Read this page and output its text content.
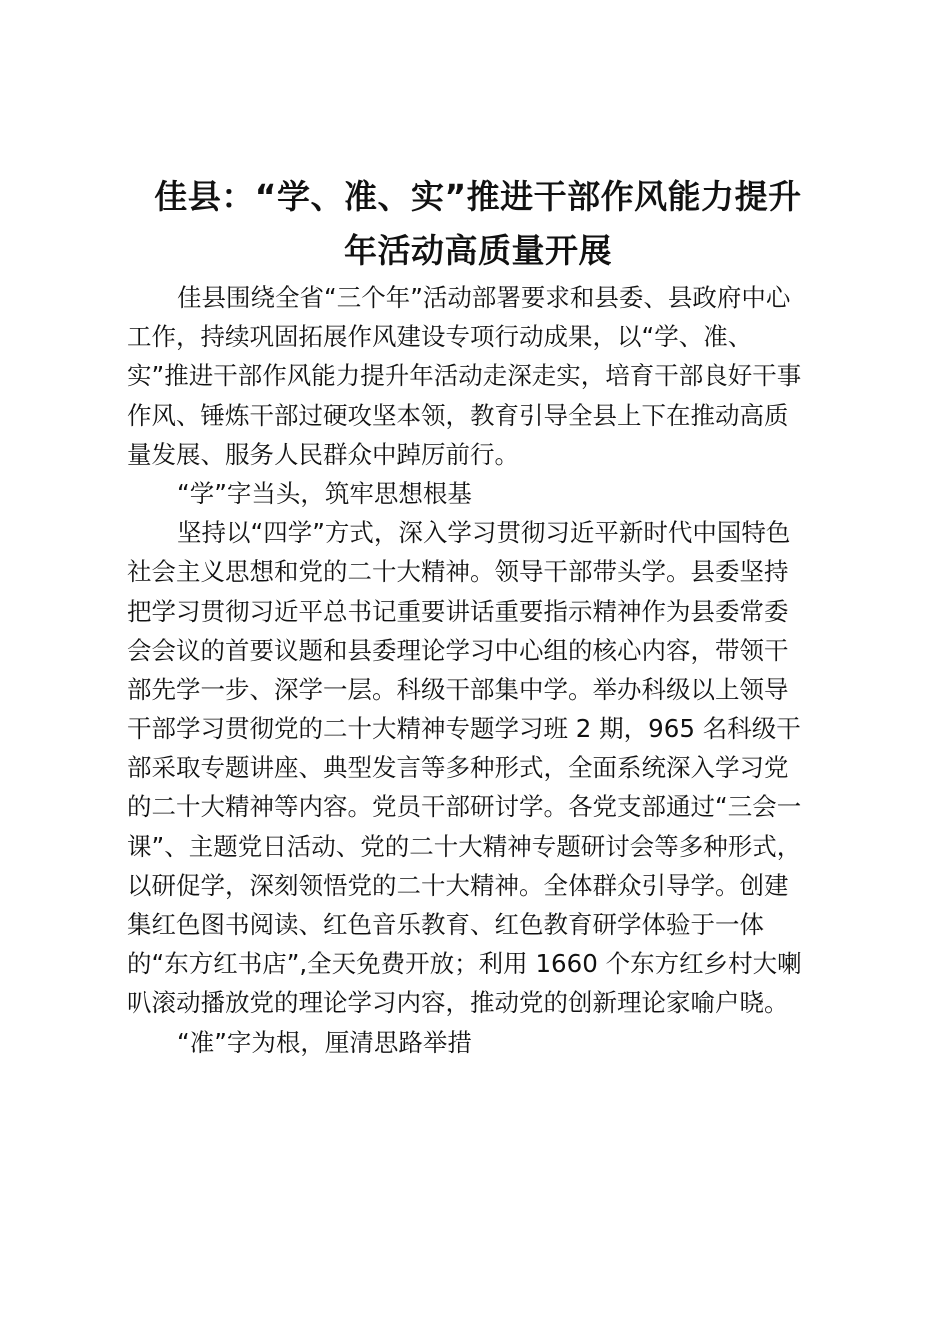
佳县：“学、准、实”推进干部作风能力提升
年活动高质量开展
佳县围绕全省“三个年”活动部署要求和县委、县政府中心
工作，持续巩固拓展作风建设专项行动成果，以“学、准、
实”推进干部作风能力提升年活动走深走实，培育干部良好干事
作风、锤炼干部过硬攻坚本领，教育引导全县上下在推动高质
量发展、服务人民群众中踔厉前行。
“学”字当头，筑牢思想根基
坚持以“四学”方式，深入学习贯彻习近平新时代中国特色
社会主义思想和党的二十大精神。领导干部带头学。县委坚持
把学习贯彻习近平总书记重要讲话重要指示精神作为县委常委
会会议的首要议题和县委理论学习中心组的核心内容，带领干
部先学一步、深学一层。科级干部集中学。举办科级以上领导
干部学习贯彻党的二十大精神专题学习班 2 期，965 名科级干
部采取专题讲座、典型发言等多种形式，全面系统深入学习党
的二十大精神等内容。党员干部研讨学。各党支部通过“三会一
课”、主题党日活动、党的二十大精神专题研讨会等多种形式，
以研促学，深刻领悟党的二十大精神。全体群众引导学。创建
集红色图书阅读、红色音乐教育、红色教育研学体验于一体
的“东方红书店”,全天免费开放；利用 1660 个东方红乡村大喇
叭滚动播放党的理论学习内容，推动党的创新理论家喻户晓。
“准”字为根，厘清思路举措
